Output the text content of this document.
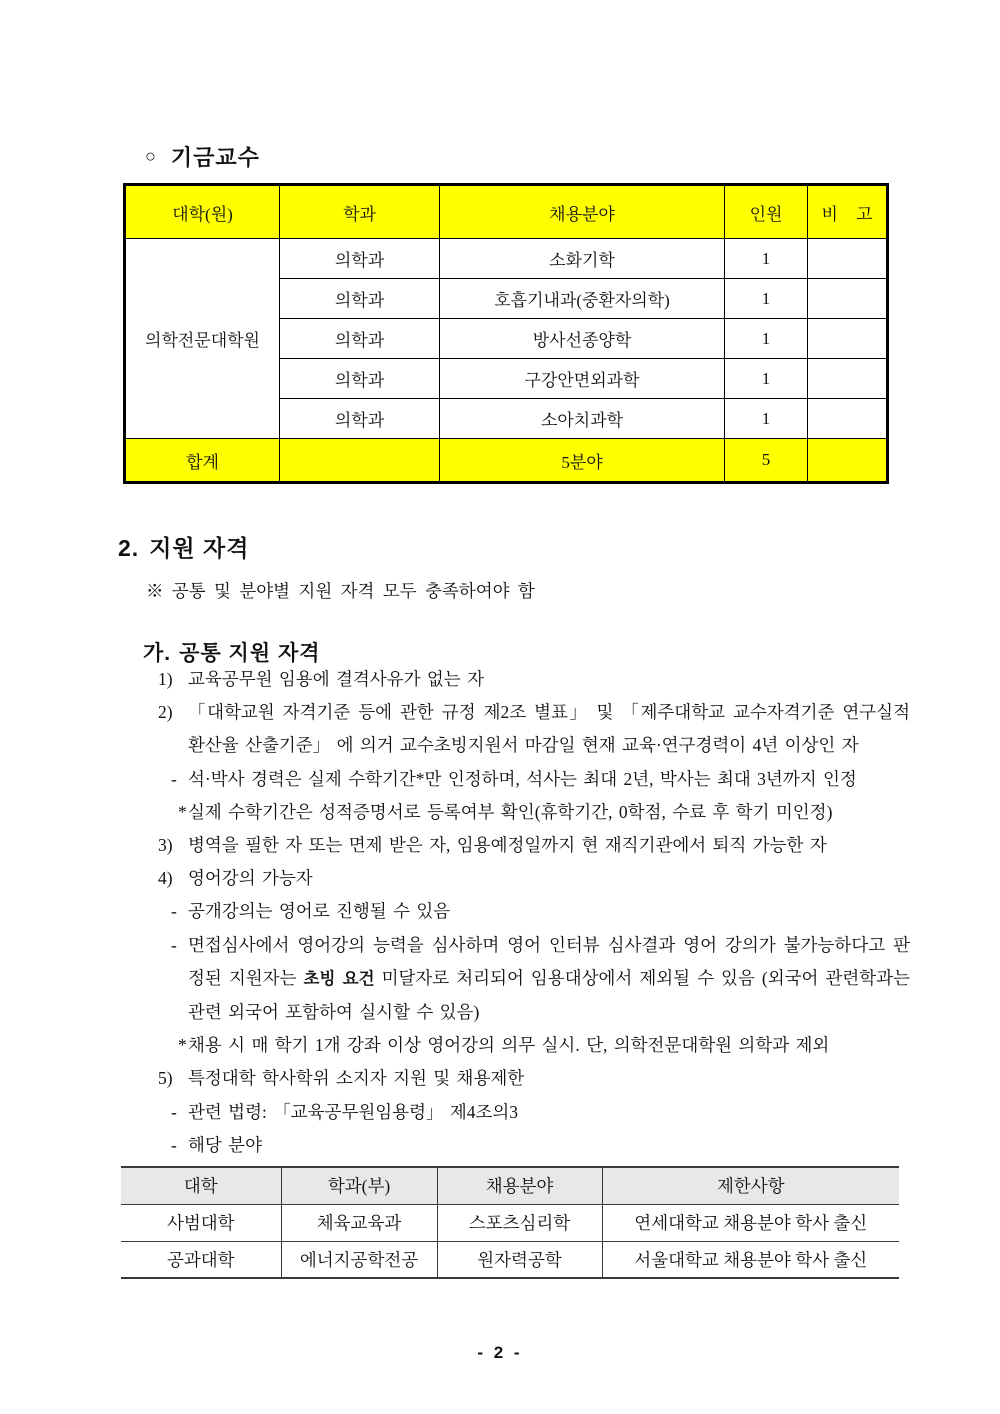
○ 기금교수
대학(원)	학과	채용분야	인원	비 고
의학전문대학원	의학과	소화기학	1	
	의학과	호흡기내과(중환자의학)	1	
	의학과	방사선종양학	1	
	의학과	구강안면외과학	1	
	의학과	소아치과학	1	
합계		5분야	5	
2. 지원 자격
※ 공통 및 분야별 지원 자격 모두 충족하여야 함
가. 공통 지원 자격
1) 교육공무원 임용에 결격사유가 없는 자
2) 「대학교원 자격기준 등에 관한 규정 제2조 별표」 및 「제주대학교 교수자격기준 연구실적 환산율 산출기준」 에 의거 교수초빙지원서 마감일 현재 교육·연구경력이 4년 이상인 자
- 석·박사 경력은 실제 수학기간*만 인정하며, 석사는 최대 2년, 박사는 최대 3년까지 인정
* 실제 수학기간은 성적증명서로 등록여부 확인(휴학기간, 0학점, 수료 후 학기 미인정)
3) 병역을 필한 자 또는 면제 받은 자, 임용예정일까지 현 재직기관에서 퇴직 가능한 자
4) 영어강의 가능자
- 공개강의는 영어로 진행될 수 있음
- 면접심사에서 영어강의 능력을 심사하며 영어 인터뷰 심사결과 영어 강의가 불가능하다고 판정된 지원자는 초빙 요건 미달자로 처리되어 임용대상에서 제외될 수 있음 (외국어 관련학과는 관련 외국어 포함하여 실시할 수 있음)
* 채용 시 매 학기 1개 강좌 이상 영어강의 의무 실시. 단, 의학전문대학원 의학과 제외
5) 특정대학 학사학위 소지자 지원 및 채용제한
- 관련 법령: 「교육공무원임용령」 제4조의3
- 해당 분야
대학	학과(부)	채용분야	제한사항
사범대학	체육교육과	스포츠심리학	연세대학교 채용분야 학사 출신
공과대학	에너지공학전공	원자력공학	서울대학교 채용분야 학사 출신
- 2 -
